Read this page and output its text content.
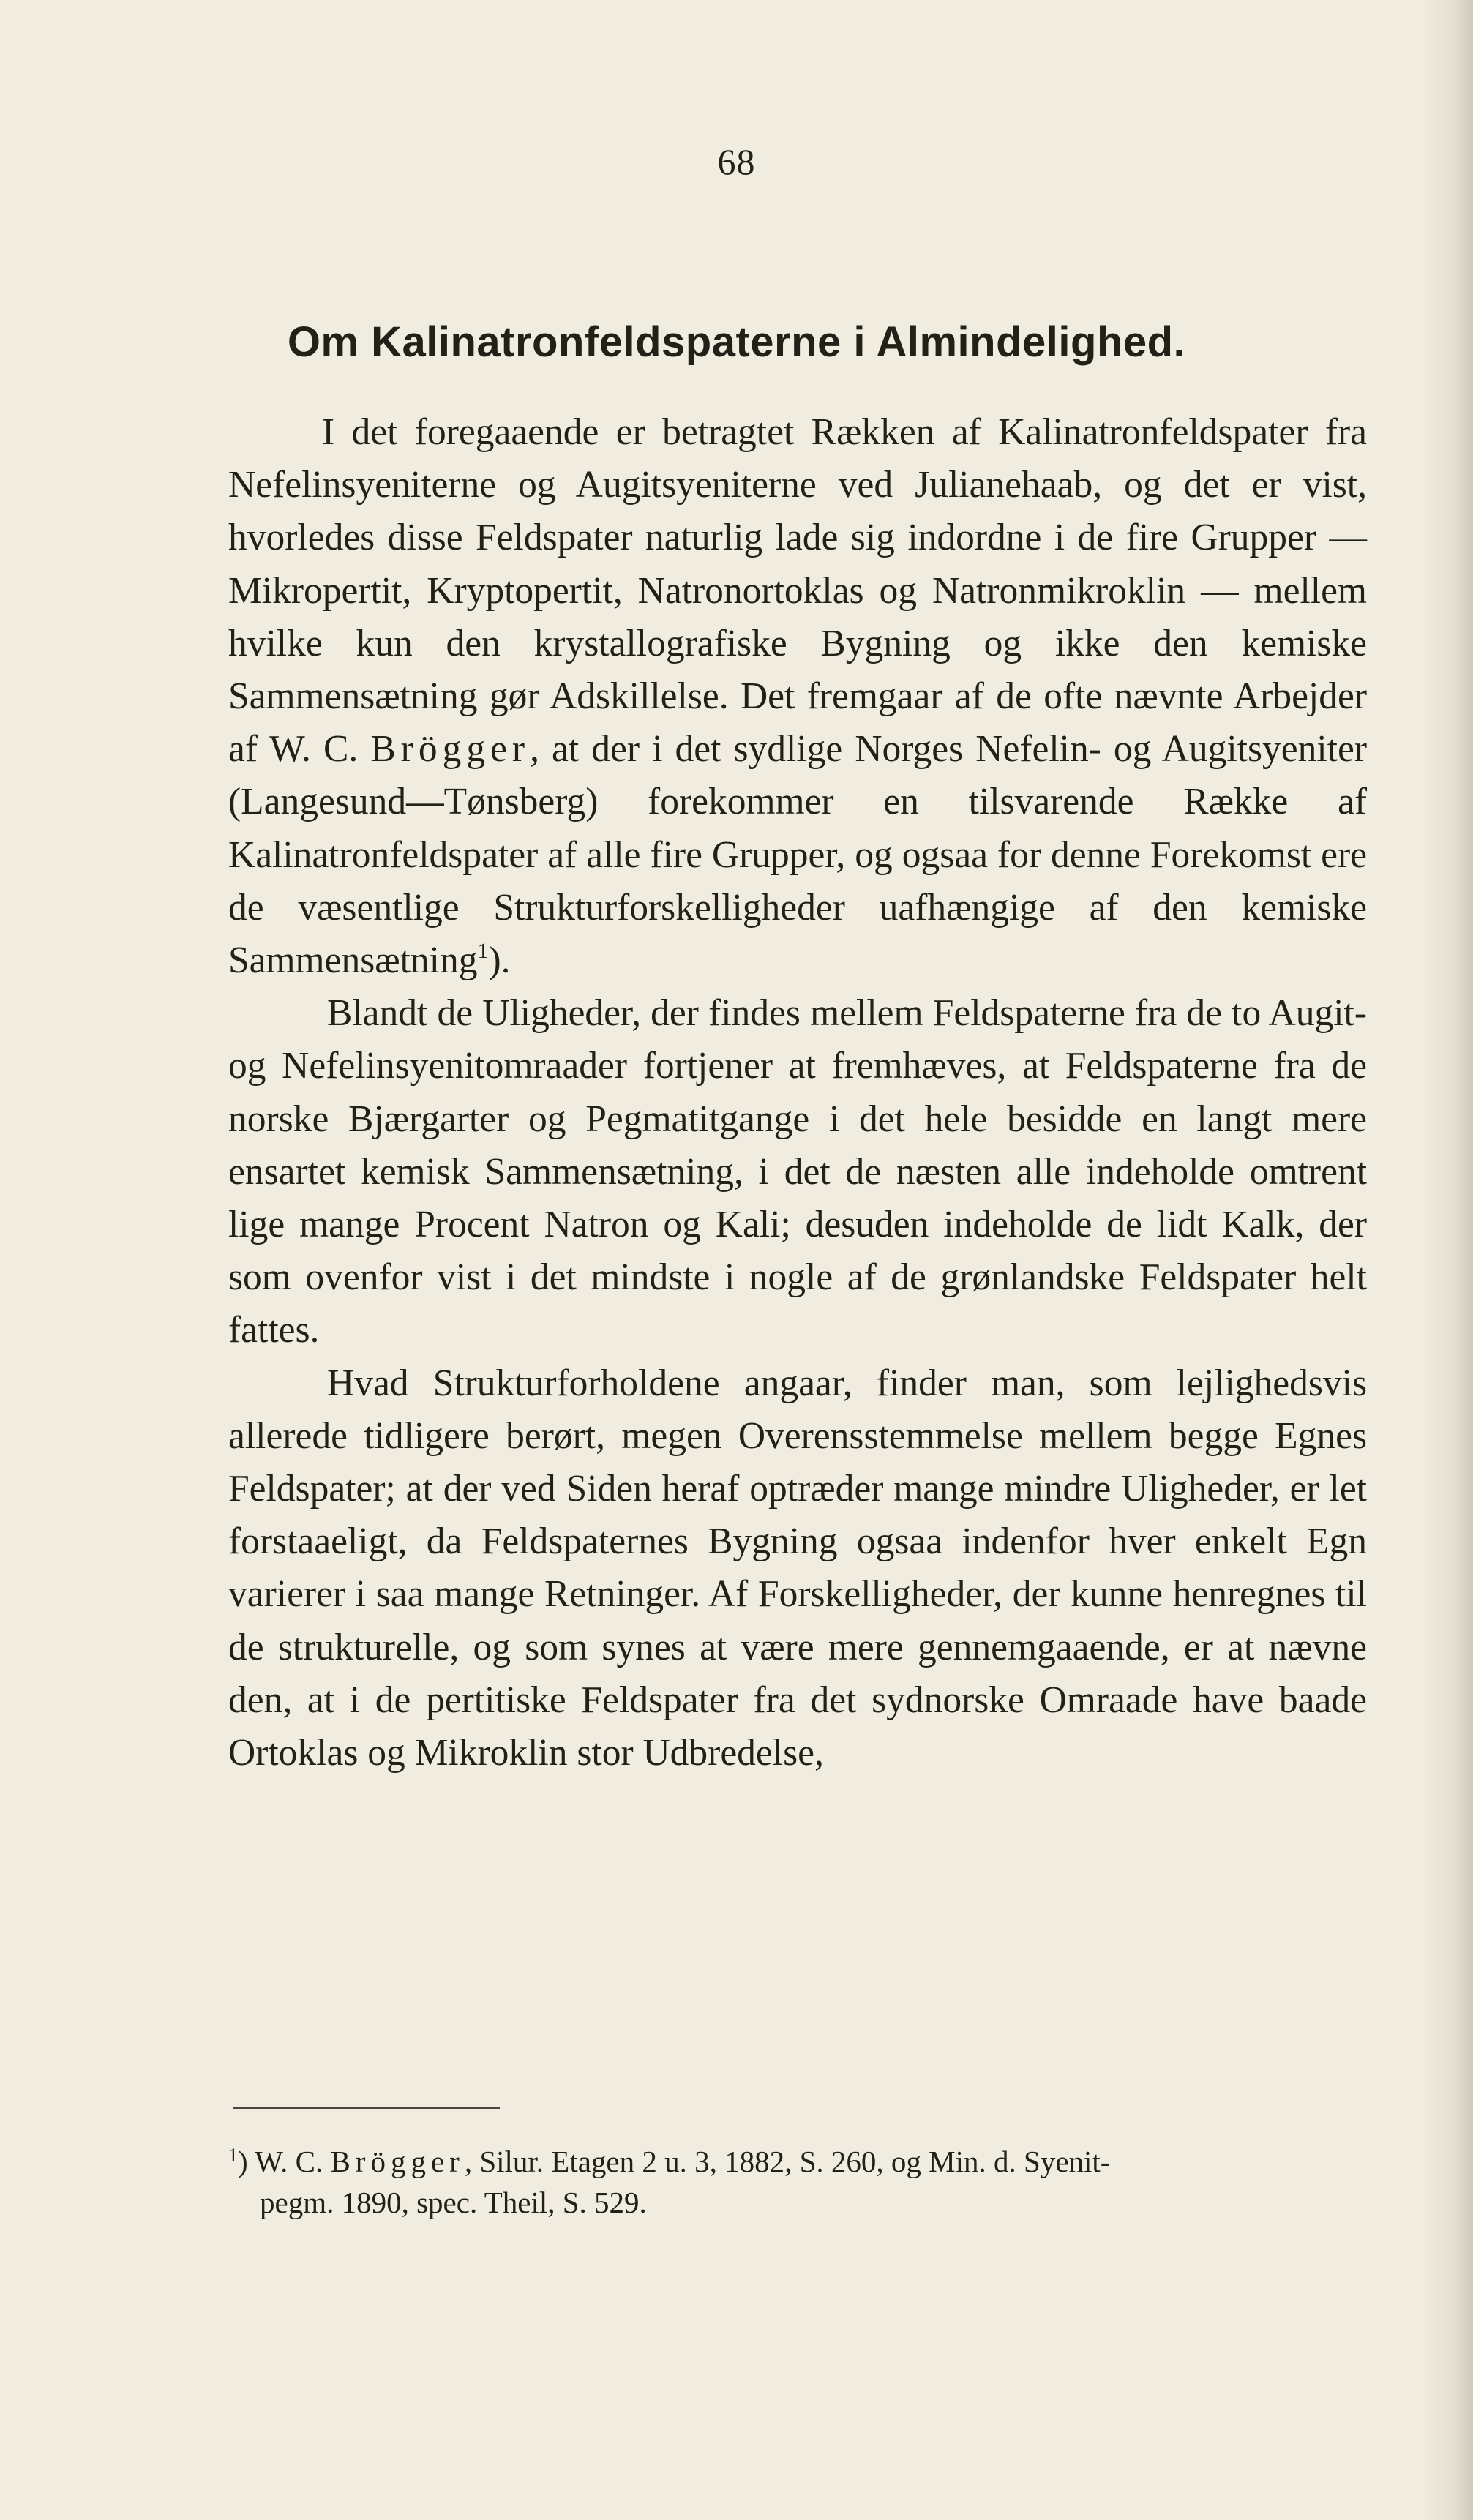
68
Om Kalinatronfeldspaterne i Almindelighed.

I det foregaaende er betragtet Rækken af Kalinatronfeldspater fra Nefelinsyeniterne og Augitsyeniterne ved Julianehaab, og det er vist, hvorledes disse Feldspater naturlig lade sig indordne i de fire Grupper — Mikropertit, Kryptopertit, Natronortoklas og Natronmikroklin — mellem hvilke kun den krystallografiske Bygning og ikke den kemiske Sammensætning gør Adskillelse. Det fremgaar af de ofte nævnte Arbejder af W. C. Brögger, at der i det sydlige Norges Nefelin- og Augitsyeniter (Langesund—Tønsberg) forekommer en tilsvarende Række af Kalinatronfeldspater af alle fire Grupper, og ogsaa for denne Forekomst ere de væsentlige Strukturforskelligheder uafhængige af den kemiske Sammensætning$^1$).

Blandt de Uligheder, der findes mellem Feldspaterne fra de to Augit- og Nefelinsyenitomraader fortjener at fremhæves, at Feldspaterne fra de norske Bjærgarter og Pegmatitgange i det hele besidde en langt mere ensartet kemisk Sammensætning, i det de næsten alle indeholde omtrent lige mange Procent Natron og Kali; desuden indeholde de lidt Kalk, der som ovenfor vist i det mindste i nogle af de grønlandske Feldspater helt fattes.

Hvad Strukturforholdene angaar, finder man, som lejlighedsvis allerede tidligere berørt, megen Overensstemmelse mellem begge Egnes Feldspater; at der ved Siden heraf optræder mange mindre Uligheder, er let forstaaeligt, da Feldspaternes Bygning ogsaa indenfor hver enkelt Egn varierer i saa mange Retninger. Af Forskelligheder, der kunne henregnes til de strukturelle, og som synes at være mere gennemgaaende, er at nævne den, at i de pertitiske Feldspater fra det sydnorske Omraade have baade Ortoklas og Mikroklin stor Udbredelse,

$^1$) W. C. Brögger, Silur. Etagen 2 u. 3, 1882, S. 260, og Min. d. Syenit-
pegm. 1890, spec. Theil, S. 529.
